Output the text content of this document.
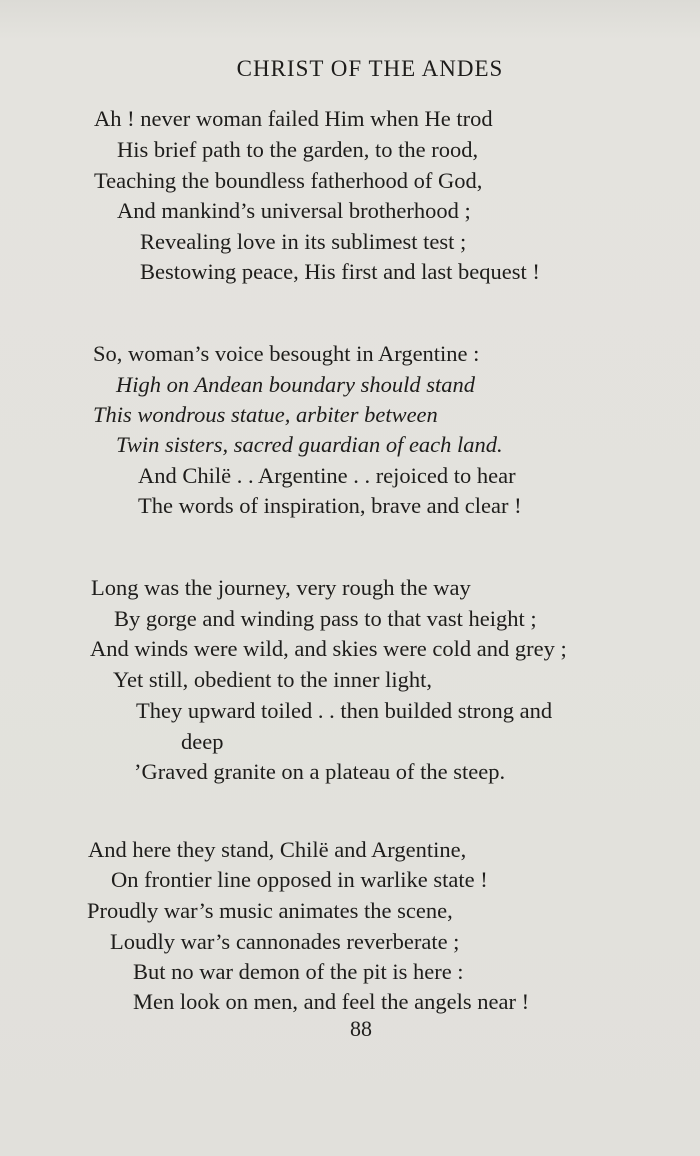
CHRIST OF THE ANDES
Ah ! never woman failed Him when He trod
His brief path to the garden, to the rood,
Teaching the boundless fatherhood of God,
And mankind’s universal brotherhood ;
Revealing love in its sublimest test ;
Bestowing peace, His first and last bequest !
So, woman’s voice besought in Argentine :
High on Andean boundary should stand
This wondrous statue, arbiter between
Twin sisters, sacred guardian of each land.
And Chilë . . Argentine . . rejoiced to hear
The words of inspiration, brave and clear !
Long was the journey, very rough the way
By gorge and winding pass to that vast height ;
And winds were wild, and skies were cold and grey ;
Yet still, obedient to the inner light,
They upward toiled . . then builded strong and
deep
’Graved granite on a plateau of the steep.
And here they stand, Chilë and Argentine,
On frontier line opposed in warlike state !
Proudly war’s music animates the scene,
Loudly war’s cannonades reverberate ;
But no war demon of the pit is here :
Men look on men, and feel the angels near !
88
